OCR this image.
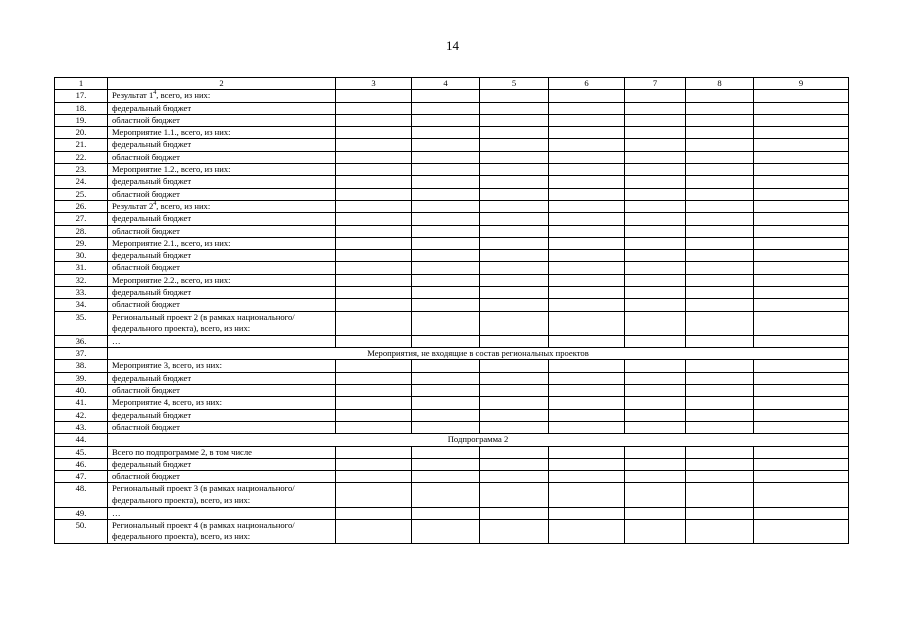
14
1	2	3	4	5	6	7	8	9
17.	Результат $1^4$, всего, из них:							
18.	федеральный бюджет							
19.	областной бюджет							
20.	Мероприятие 1.1., всего, из них:							
21.	федеральный бюджет							
22.	областной бюджет							
23.	Мероприятие 1.2., всего, из них:							
24.	федеральный бюджет							
25.	областной бюджет							
26.	Результат $2^4$, всего, из них:							
27.	федеральный бюджет							
28.	областной бюджет							
29.	Мероприятие 2.1., всего, из них:							
30.	федеральный бюджет							
31.	областной бюджет							
32.	Мероприятие 2.2., всего, из них:							
33.	федеральный бюджет							
34.	областной бюджет							
35.	Региональный проект 2 (в рамках национального/федерального проекта), всего, из них:							
36.	…							
37.	Мероприятия, не входящие в состав региональных проектов							
38.	Мероприятие 3, всего, из них:							
39.	федеральный бюджет							
40.	областной бюджет							
41.	Мероприятие 4, всего, из них:							
42.	федеральный бюджет							
43.	областной бюджет							
44.	Подпрограмма 2							
45.	Всего по подпрограмме 2, в том числе							
46.	федеральный бюджет							
47.	областной бюджет							
48.	Региональный проект 3 (в рамках национального/федерального проекта), всего, из них:							
49.	…							
50.	Региональный проект 4 (в рамках национального/федерального проекта), всего, из них:							
